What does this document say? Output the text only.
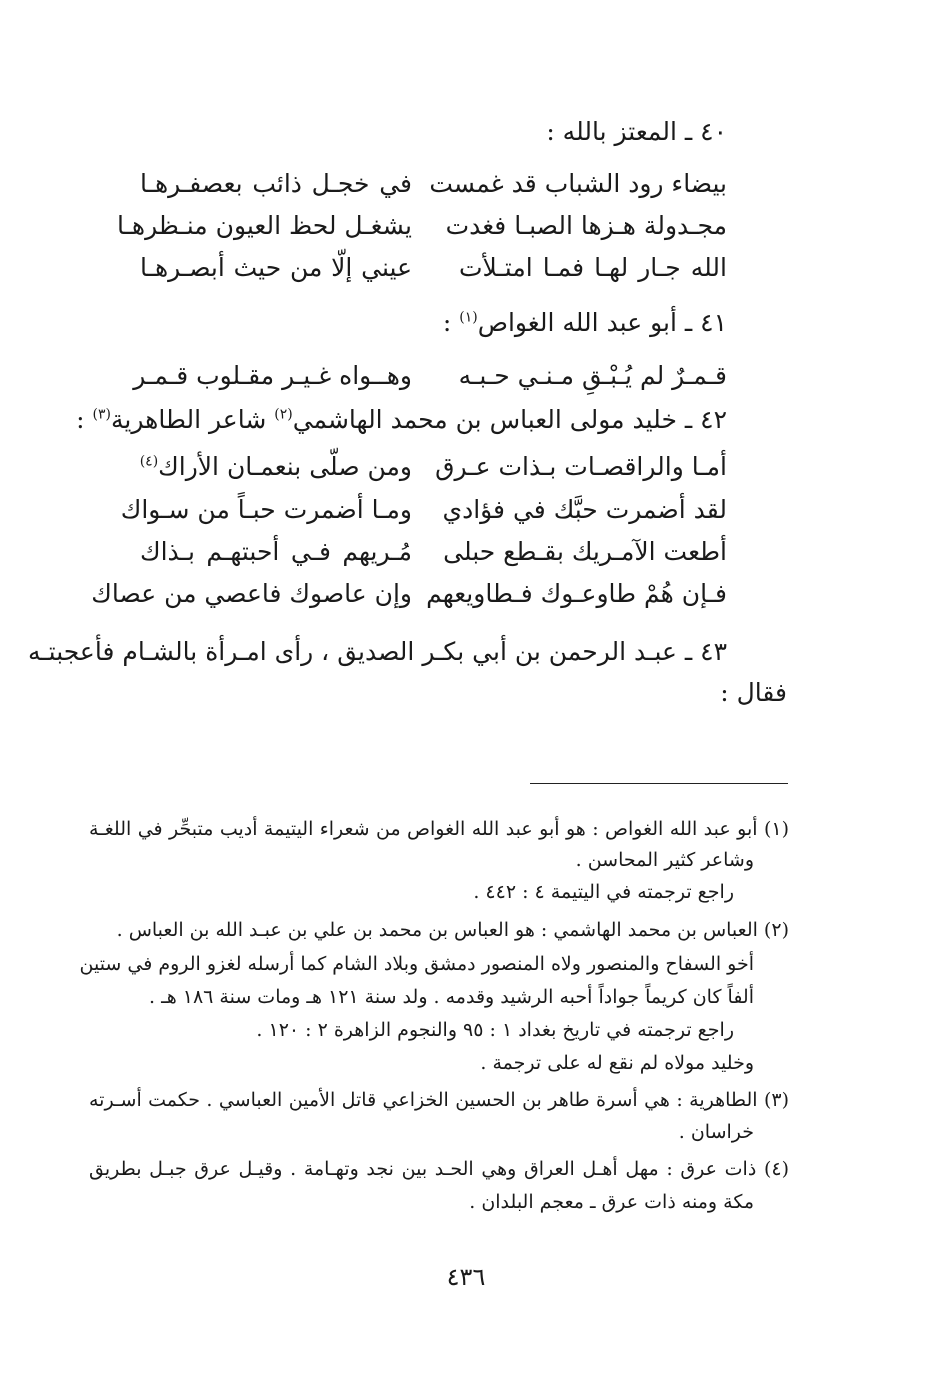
٤٠ ـ المعتز بالله :
بيضاء رود الشباب قد غمست
في خجـل ذائب بعصفـرهـا
مجـدولة هـزها الصبـا فغدت
يشغـل لحظ العيون منـظرهـا
الله جـار لهـا فمـا امتـلأت
عيني إلّا من حيث أبصـرهـا
٤١ ـ أبو عبد الله الغواص$^{(١)}$ :
قـمـرٌ لم يُـبْـقِ مـنـي حـبـه
وهــواه غـيـر مقـلوب قـمـر
٤٢ ـ خليد مولى العباس بن محمد الهاشمي$^{(٢)}$ شاعر الطاهرية$^{(٣)}$ :
أمـا والراقصـات بـذات عـرق
ومن صلّى بنعمـان الأراك$^{(٤)}$
لقد أضمرت حبَّك في فؤادي
ومـا أضمرت حبـاً من سـواك
أطعت الآمـريك بقـطع حبلى
مُـريهم فـي أحبتهـم بـذاك
فـإن هُمْ طاوعـوك فـطاويعهم
وإن عاصوك فاعصي من عصاك
٤٣ ـ عبـد الرحمن بن أبي بكـر الصديق ، رأى امـرأة بالشـام فأعجبتـه
فقال :
(١) أبو عبد الله الغواص : هو أبو عبد الله الغواص من شعراء اليتيمة أديب متبحِّر في اللغـة
وشاعر كثير المحاسن .
راجع ترجمته في اليتيمة ٤ : ٤٤٢ .
(٢) العباس بن محمد الهاشمي : هو العباس بن محمد بن علي بن عبـد الله بن العباس .
أخو السفاح والمنصور ولاه المنصور دمشق وبلاد الشام كما أرسله لغزو الروم في ستين
ألفاً كان كريماً جواداً أحبه الرشيد وقدمه . ولد سنة ١٢١ هـ ومات سنة ١٨٦ هـ .
راجع ترجمته في تاريخ بغداد ١ : ٩٥ والنجوم الزاهرة ٢ : ١٢٠ .
وخليد مولاه لم نقع له على ترجمة .
(٣) الطاهرية : هي أسرة طاهر بن الحسين الخزاعي قاتل الأمين العباسي . حكمت أسـرته
خراسان .
(٤) ذات عرق : مهل أهـل العراق وهي الحـد بين نجد وتهـامة . وقيـل عرق جبـل بطريق
مكة ومنه ذات عرق ـ معجم البلدان .
٤٣٦
